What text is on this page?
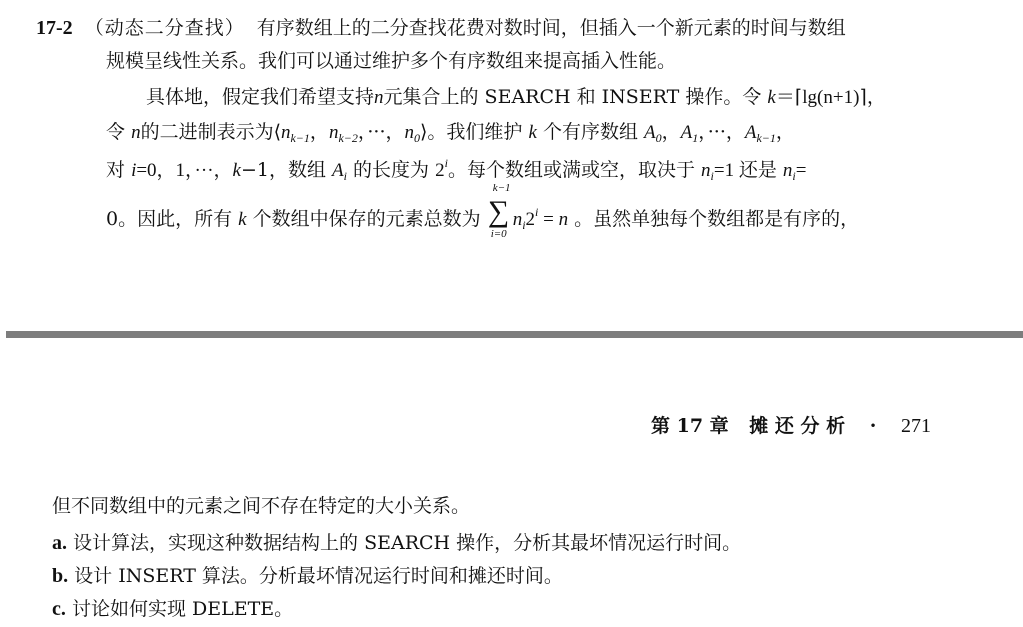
17-2 （动态二分查找） 有序数组上的二分查找花费对数时间，但插入一个新元素的时间与数组
规模呈线性关系。我们可以通过维护多个有序数组来提高插入性能。
具体地，假定我们希望支持n元集合上的 SEARCH 和 INSERT 操作。令 k＝⌈lg(n+1)⌉，
令 n的二进制表示为$⟨n_{k-1}$，$n_{k-2}$，···，$n_0⟩$。我们维护 k 个有序数组 $A_0$，$A_1$，···，$A_{k-1}$，
对 i=0，1，···，k−1，数组 $A_i$ 的长度为 2$^i$。每个数组或满或空，取决于 $n_i=1$ 还是 $n_i=$
0。因此，所有 k 个数组中保存的元素总数为
k−1
∑
i=0
$n_i2^i = n$ 。虽然单独每个数组都是有序的，
第 17 章 摊 还 分 析 · 271
但不同数组中的元素之间不存在特定的大小关系。
a. 设计算法，实现这种数据结构上的 SEARCH 操作，分析其最坏情况运行时间。
b. 设计 INSERT 算法。分析最坏情况运行时间和摊还时间。
c. 讨论如何实现 DELETE。
